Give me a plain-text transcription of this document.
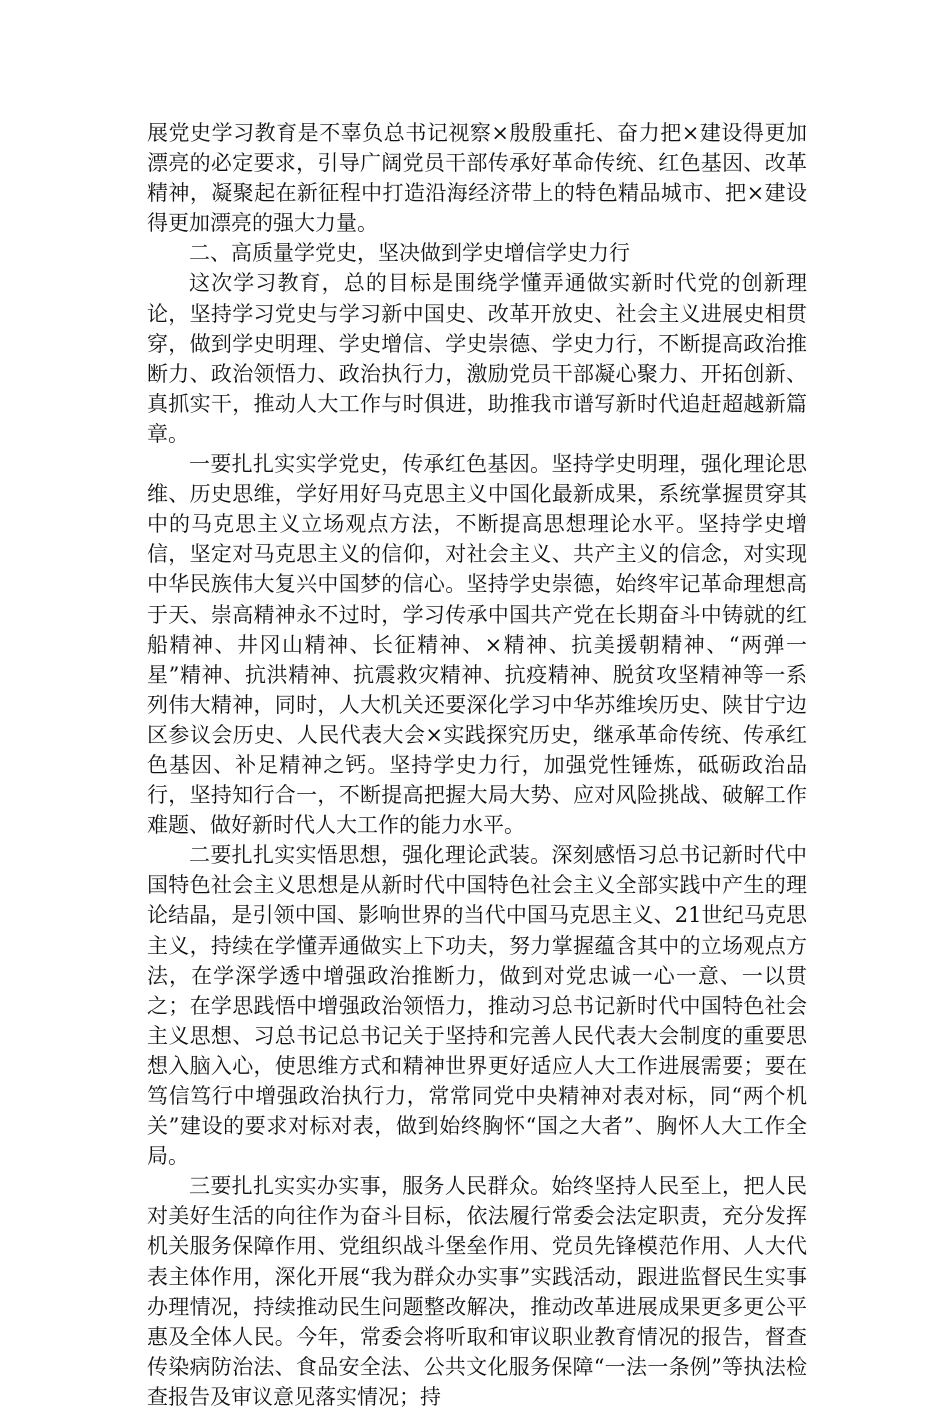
展党史学习教育是不辜负总书记视察×殷殷重托、奋力把×建设得更加漂亮的必定要求，引导广阔党员干部传承好革命传统、红色基因、改革精神，凝聚起在新征程中打造沿海经济带上的特色精品城市、把×建设得更加漂亮的强大力量。

二、高质量学党史，坚决做到学史增信学史力行

这次学习教育，总的目标是围绕学懂弄通做实新时代党的创新理论，坚持学习党史与学习新中国史、改革开放史、社会主义进展史相贯穿，做到学史明理、学史增信、学史崇德、学史力行，不断提高政治推断力、政治领悟力、政治执行力，激励党员干部凝心聚力、开拓创新、真抓实干，推动人大工作与时俱进，助推我市谱写新时代追赶超越新篇章。

一要扎扎实实学党史，传承红色基因。坚持学史明理，强化理论思维、历史思维，学好用好马克思主义中国化最新成果，系统掌握贯穿其中的马克思主义立场观点方法，不断提高思想理论水平。坚持学史增信，坚定对马克思主义的信仰，对社会主义、共产主义的信念，对实现中华民族伟大复兴中国梦的信心。坚持学史崇德，始终牢记革命理想高于天、崇高精神永不过时，学习传承中国共产党在长期奋斗中铸就的红船精神、井冈山精神、长征精神、×精神、抗美援朝精神、“两弹一星”精神、抗洪精神、抗震救灾精神、抗疫精神、脱贫攻坚精神等一系列伟大精神，同时，人大机关还要深化学习中华苏维埃历史、陕甘宁边区参议会历史、人民代表大会×实践探究历史，继承革命传统、传承红色基因、补足精神之钙。坚持学史力行，加强党性锤炼，砥砺政治品行，坚持知行合一，不断提高把握大局大势、应对风险挑战、破解工作难题、做好新时代人大工作的能力水平。

二要扎扎实实悟思想，强化理论武装。深刻感悟习总书记新时代中国特色社会主义思想是从新时代中国特色社会主义全部实践中产生的理论结晶，是引领中国、影响世界的当代中国马克思主义、21世纪马克思主义，持续在学懂弄通做实上下功夫，努力掌握蕴含其中的立场观点方法，在学深学透中增强政治推断力，做到对党忠诚一心一意、一以贯之；在学思践悟中增强政治领悟力，推动习总书记新时代中国特色社会主义思想、习总书记总书记关于坚持和完善人民代表大会制度的重要思想入脑入心，使思维方式和精神世界更好适应人大工作进展需要；要在笃信笃行中增强政治执行力，常常同党中央精神对表对标，同“两个机关”建设的要求对标对表，做到始终胸怀“国之大者”、胸怀人大工作全局。

三要扎扎实实办实事，服务人民群众。始终坚持人民至上，把人民对美好生活的向往作为奋斗目标，依法履行常委会法定职责，充分发挥机关服务保障作用、党组织战斗堡垒作用、党员先锋模范作用、人大代表主体作用，深化开展“我为群众办实事”实践活动，跟进监督民生实事办理情况，持续推动民生问题整改解决，推动改革进展成果更多更公平惠及全体人民。今年，常委会将听取和审议职业教育情况的报告，督查传染病防治法、食品安全法、公共文化服务保障“一法一条例”等执法检查报告及审议意见落实情况；持
